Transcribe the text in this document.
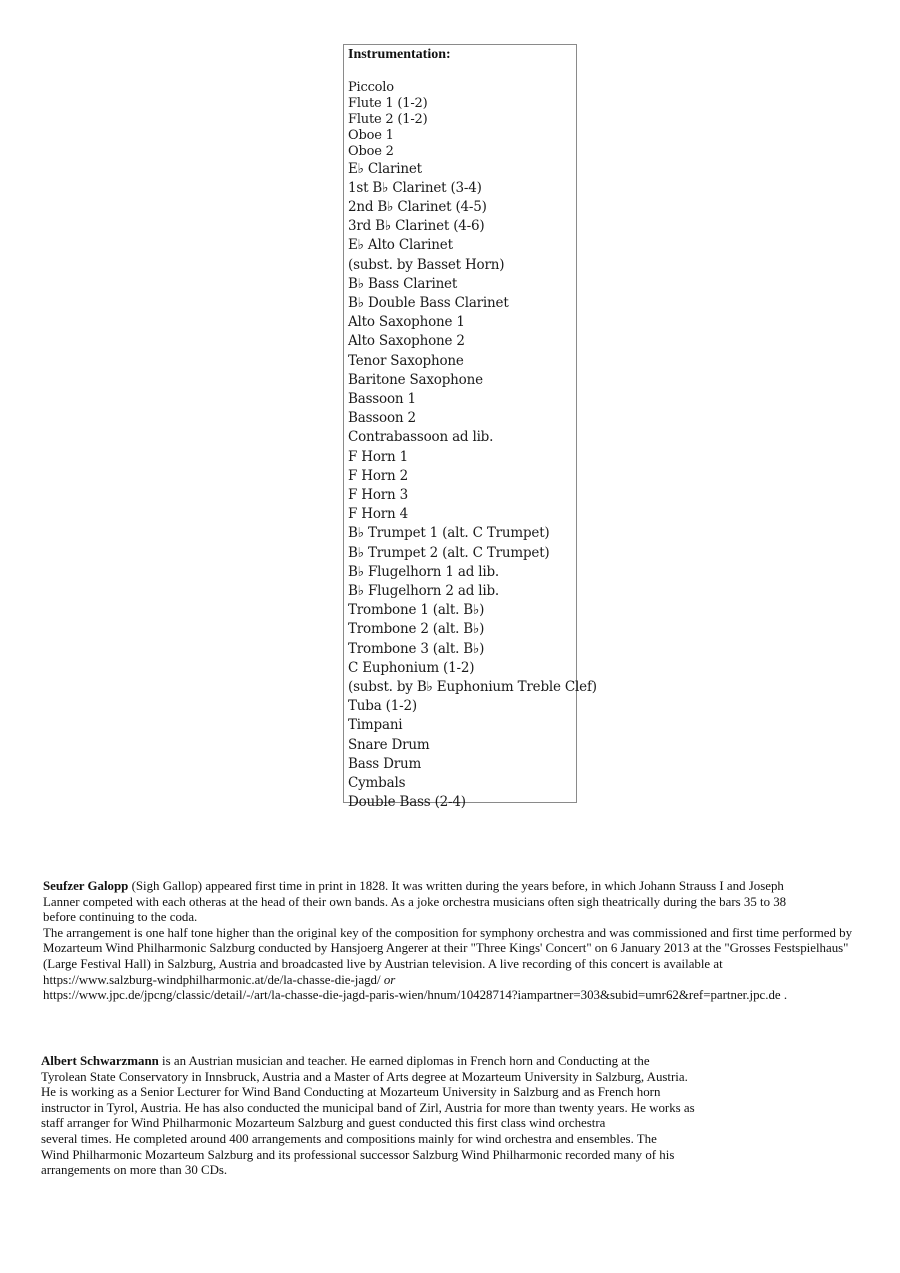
Instrumentation:
Piccolo
Flute 1 (1-2)
Flute 2 (1-2)
Oboe 1
Oboe 2
E♭ Clarinet
1st B♭ Clarinet (3-4)
2nd B♭ Clarinet (4-5)
3rd B♭ Clarinet (4-6)
E♭ Alto Clarinet
(subst. by Basset Horn)
B♭ Bass Clarinet
B♭ Double Bass Clarinet
Alto Saxophone 1
Alto Saxophone 2
Tenor Saxophone
Baritone Saxophone
Bassoon 1
Bassoon 2
Contrabassoon ad lib.
F Horn 1
F Horn 2
F Horn 3
F Horn 4
B♭ Trumpet 1 (alt. C Trumpet)
B♭ Trumpet 2 (alt. C Trumpet)
B♭ Flugelhorn 1 ad lib.
B♭ Flugelhorn 2 ad lib.
Trombone 1 (alt. B♭)
Trombone 2 (alt. B♭)
Trombone 3 (alt. B♭)
C Euphonium (1-2)
(subst. by B♭ Euphonium Treble Clef)
Tuba (1-2)
Timpani
Snare Drum
Bass Drum
Cymbals
Double Bass (2-4)
Seufzer Galopp (Sigh Gallop) appeared first time in print in 1828. It was written during the years before, in which Johann Strauss I and Joseph
Lanner competed with each otheras at the head of their own bands. As a joke orchestra musicians often sigh theatrically during the bars 35 to 38
before continuing to the coda.
The arrangement is one half tone higher than the original key of the composition for symphony orchestra and was commissioned and first time performed by Mozarteum Wind Philharmonic Salzburg conducted by Hansjoerg Angerer at their "Three Kings' Concert" on 6 January 2013 at the "Grosses Festspielhaus" (Large Festival Hall) in Salzburg, Austria and broadcasted live by Austrian television. A live recording of this concert is available at
https://www.salzburg-windphilharmonic.at/de/la-chasse-die-jagd/ or
https://www.jpc.de/jpcng/classic/detail/-/art/la-chasse-die-jagd-paris-wien/hnum/10428714?iampartner=303&subid=umr62&ref=partner.jpc.de .
Albert Schwarzmann is an Austrian musician and teacher. He earned diplomas in French horn and Conducting at the
Tyrolean State Conservatory in Innsbruck, Austria and a Master of Arts degree at Mozarteum University in Salzburg, Austria.
He is working as a Senior Lecturer for Wind Band Conducting at Mozarteum University in Salzburg and as French horn
instructor in Tyrol, Austria. He has also conducted the municipal band of Zirl, Austria for more than twenty years. He works as
staff arranger for Wind Philharmonic Mozarteum Salzburg and guest conducted this first class wind orchestra
several times. He completed around 400 arrangements and compositions mainly for wind orchestra and ensembles. The
Wind Philharmonic Mozarteum Salzburg and its professional successor Salzburg Wind Philharmonic recorded many of his
arrangements on more than 30 CDs.
